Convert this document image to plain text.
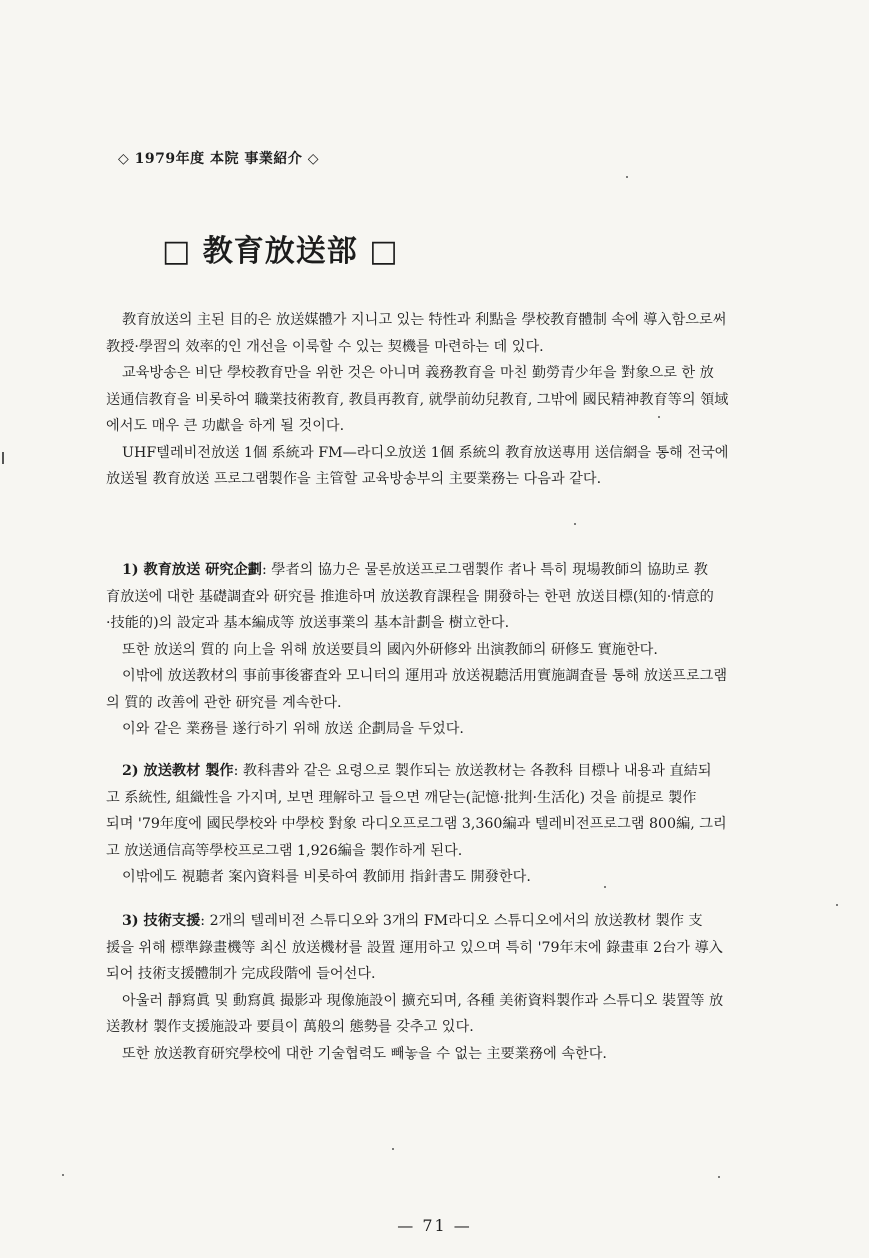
◇ 1979年度 本院 事業紹介 ◇
□ 教育放送部 □

教育放送의 主된 目的은 放送媒體가 지니고 있는 特性과 利點을 學校教育體制 속에 導入함으로써

教授·學習의 效率的인 개선을 이룩할 수 있는 契機를 마련하는 데 있다.

교육방송은 비단 學校教育만을 위한 것은 아니며 義務教育을 마친 勤勞青少年을 對象으로 한 放

送通信教育을 비롯하여 職業技術教育, 教員再教育, 就學前幼兒教育, 그밖에 國民精神教育等의 領域

에서도 매우 큰 功獻을 하게 될 것이다.

UHF텔레비전放送 1個 系統과 FM—라디오放送 1個 系統의 教育放送專用 送信網을 통해 전국에

放送될 教育放送 프로그램製作을 主管할 교육방송부의 主要業務는 다음과 같다.

1) 教育放送 研究企劃: 學者의 協力은 물론放送프로그램製作 者나 특히 現場教師의 協助로 教

育放送에 대한 基礎調査와 研究를 推進하며 放送教育課程을 開發하는 한편 放送目標(知的·情意的

·技能的)의 設定과 基本編成等 放送事業의 基本計劃을 樹立한다.

또한 放送의 質的 向上을 위해 放送要員의 國內外研修와 出演教師의 研修도 實施한다.

이밖에 放送教材의 事前事後審査와 모니터의 運用과 放送視聽活用實施調査를 통해 放送프로그램

의 質的 改善에 관한 研究를 계속한다.

이와 같은 業務를 遂行하기 위해 放送 企劃局을 두었다.

2) 放送教材 製作: 教科書와 같은 요령으로 製作되는 放送教材는 各教科 目標나 내용과 直結되

고 系統性, 組織性을 가지며, 보면 理解하고 들으면 깨닫는(記憶·批判·生活化) 것을 前提로 製作

되며 '79年度에 國民學校와 中學校 對象 라디오프로그램 3,360編과 텔레비전프로그램 800編, 그리

고 放送通信高等學校프로그램 1,926編을 製作하게 된다.

이밖에도 視聽者 案內資料를 비롯하여 教師用 指針書도 開發한다.

3) 技術支援: 2개의 텔레비전 스튜디오와 3개의 FM라디오 스튜디오에서의 放送教材 製作 支

援을 위해 標準錄畫機等 최신 放送機材를 設置 運用하고 있으며 특히 '79年末에 錄畫車 2台가 導入

되어 技術支援體制가 完成段階에 들어선다.

아울러 靜寫眞 및 動寫眞 撮影과 現像施設이 擴充되며, 各種 美術資料製作과 스튜디오 裝置等 放

送教材 製作支援施設과 要員이 萬般의 態勢를 갖추고 있다.

또한 放送教育研究學校에 대한 기술협력도 빼놓을 수 없는 主要業務에 속한다.

— 71 —
